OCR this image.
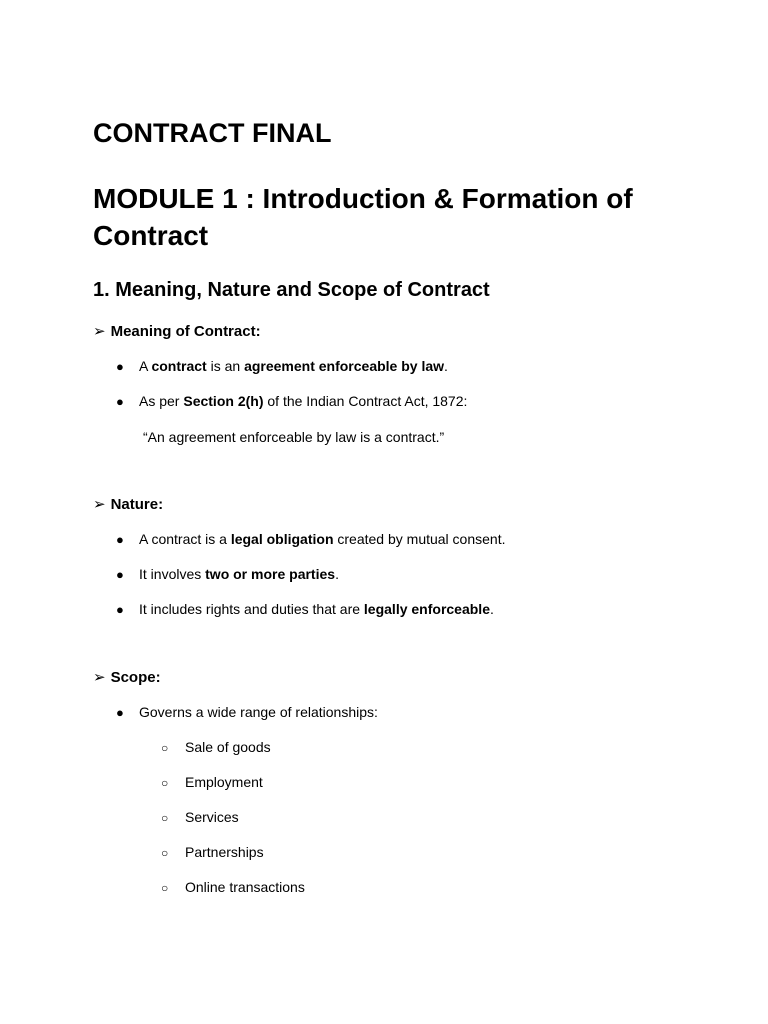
CONTRACT FINAL
MODULE 1 : Introduction & Formation of Contract
1. Meaning, Nature and Scope of Contract
➢ Meaning of Contract:
● A contract is an agreement enforceable by law.
● As per Section 2(h) of the Indian Contract Act, 1872:
“An agreement enforceable by law is a contract.”
➢ Nature:
● A contract is a legal obligation created by mutual consent.
● It involves two or more parties.
● It includes rights and duties that are legally enforceable.
➢ Scope:
● Governs a wide range of relationships:
○ Sale of goods
○ Employment
○ Services
○ Partnerships
○ Online transactions
